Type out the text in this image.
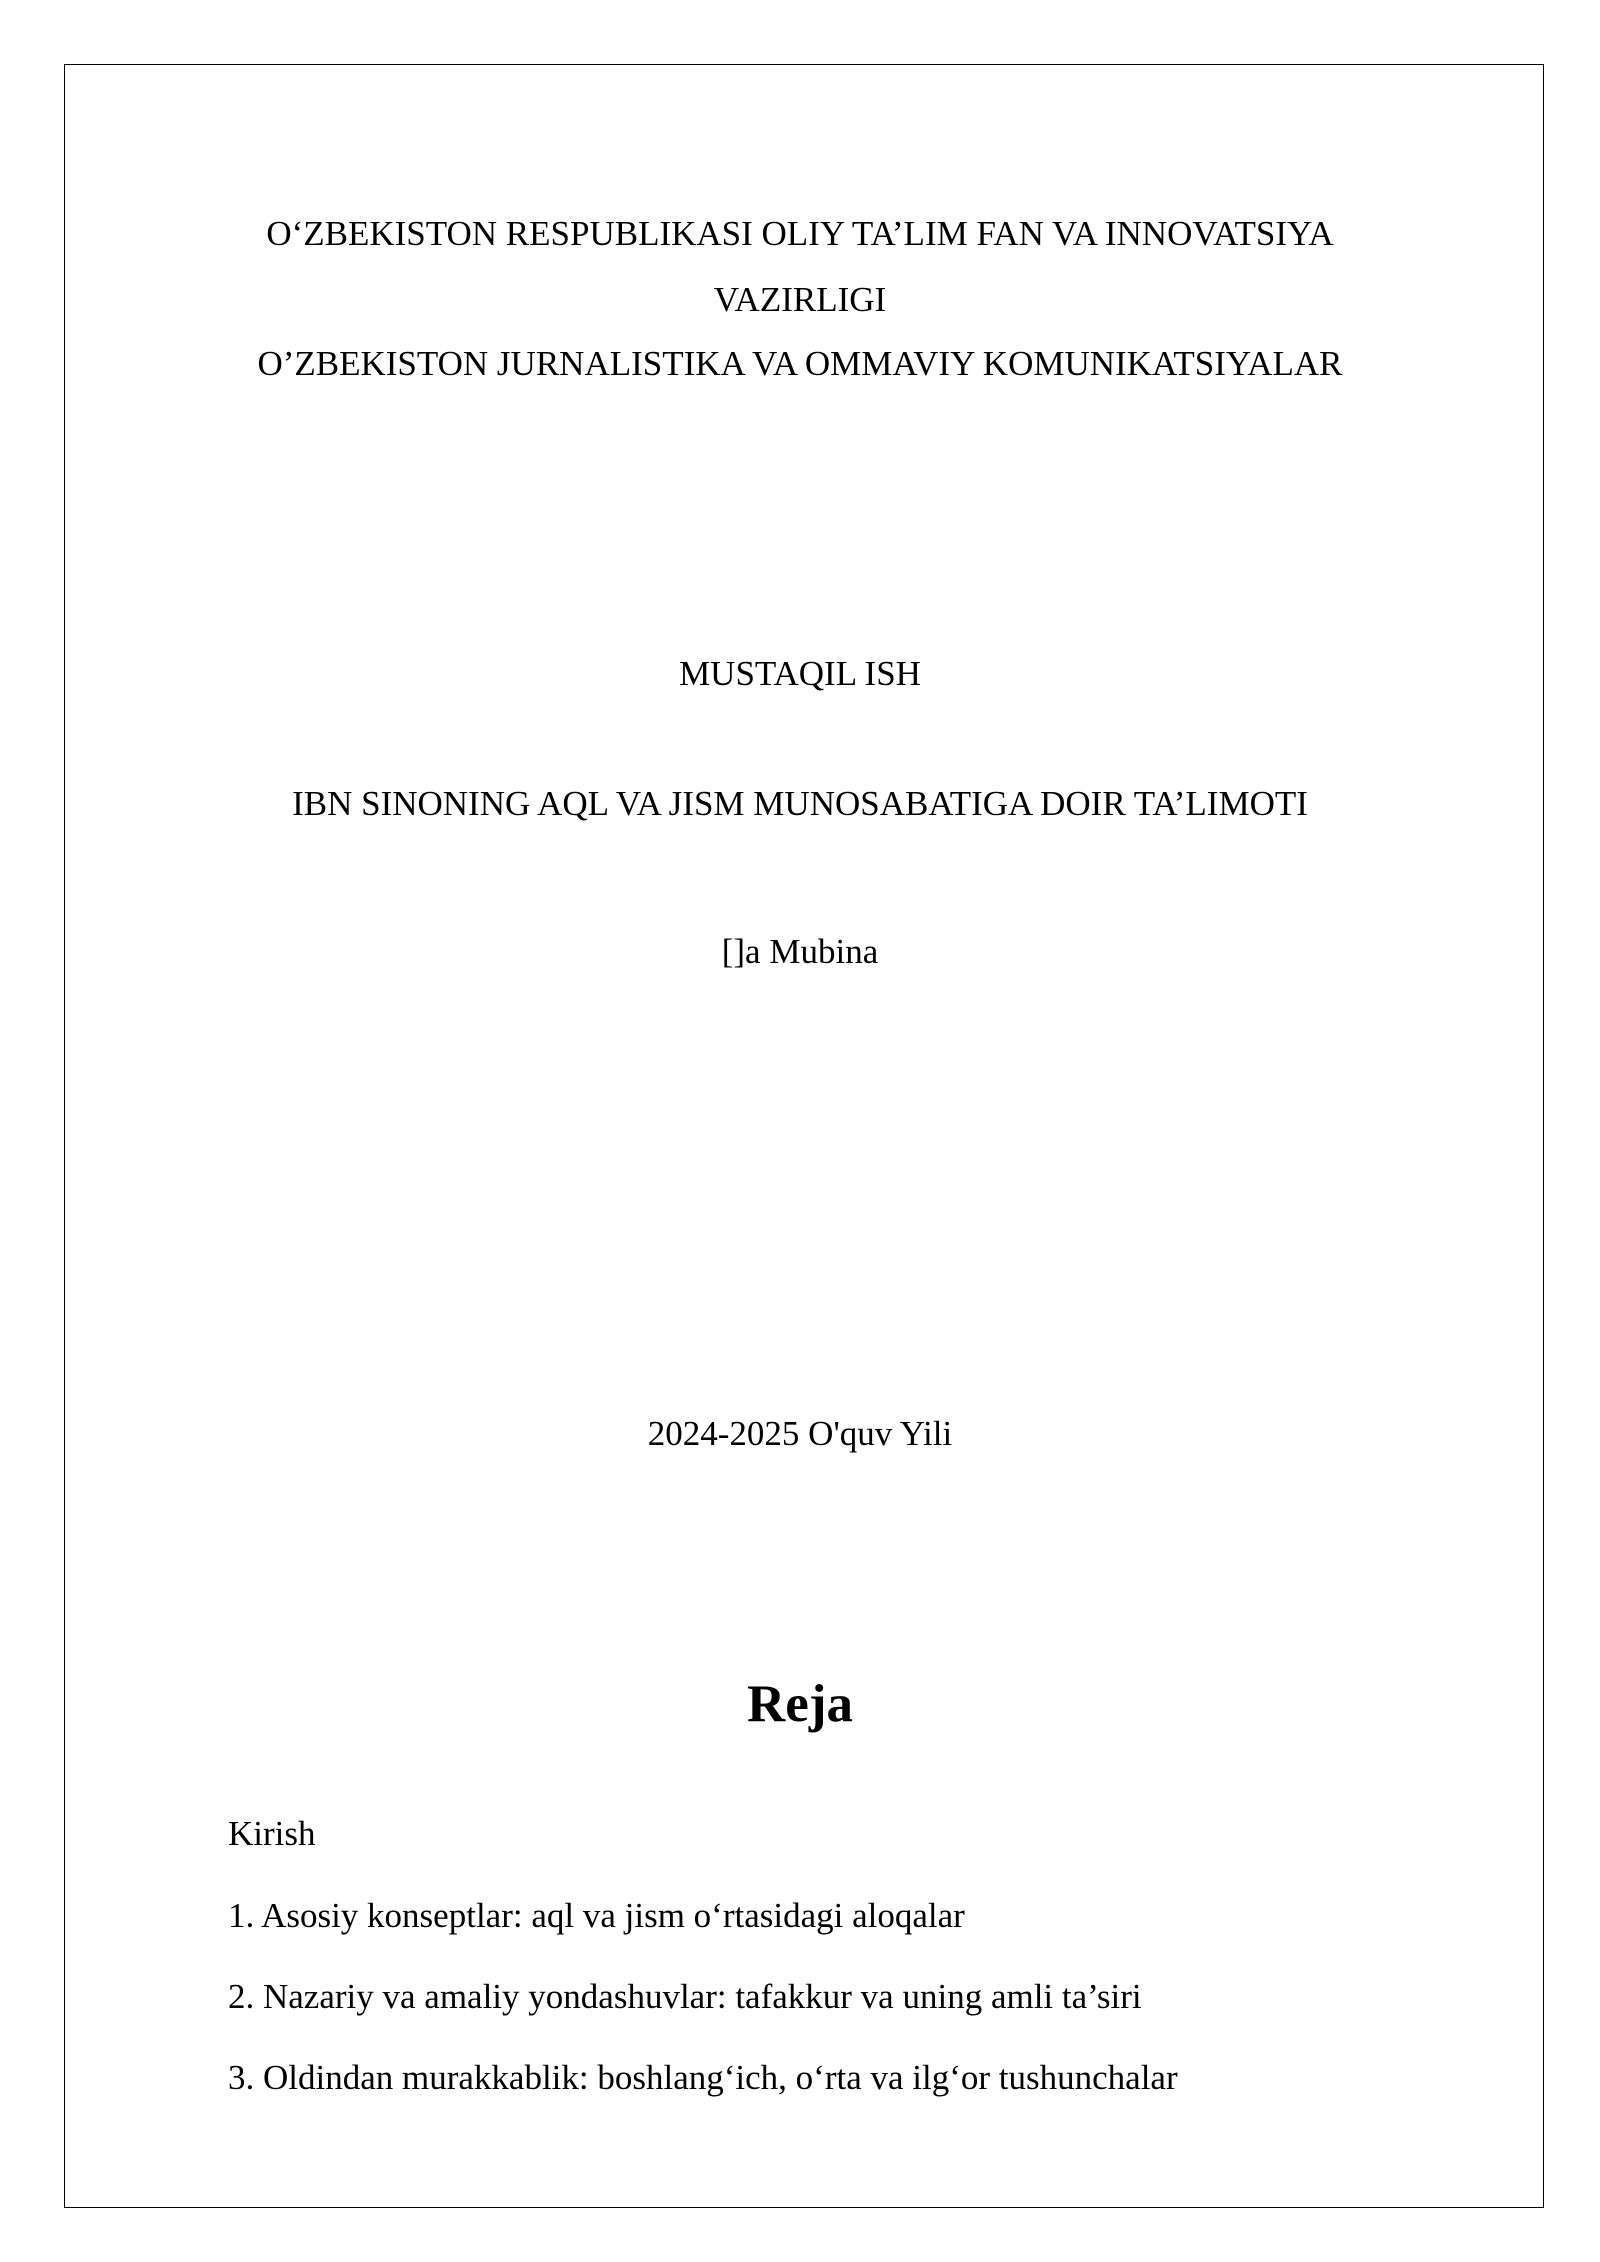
O‘ZBEKISTON RESPUBLIKASI OLIY TA’LIM FAN VA INNOVATSIYA
VAZIRLIGI
O’ZBEKISTON JURNALISTIKA VA OMMAVIY KOMUNIKATSIYALAR
MUSTAQIL ISH
IBN SINONING AQL VA JISM MUNOSABATIGA DOIR TA’LIMOTI
[]a Mubina
2024-2025 O'quv Yili
Reja
Kirish
1. Asosiy konseptlar: aql va jism o‘rtasidagi aloqalar
2. Nazariy va amaliy yondashuvlar: tafakkur va uning amli ta’siri
3. Oldindan murakkablik: boshlang‘ich, o‘rta va ilg‘or tushunchalar
